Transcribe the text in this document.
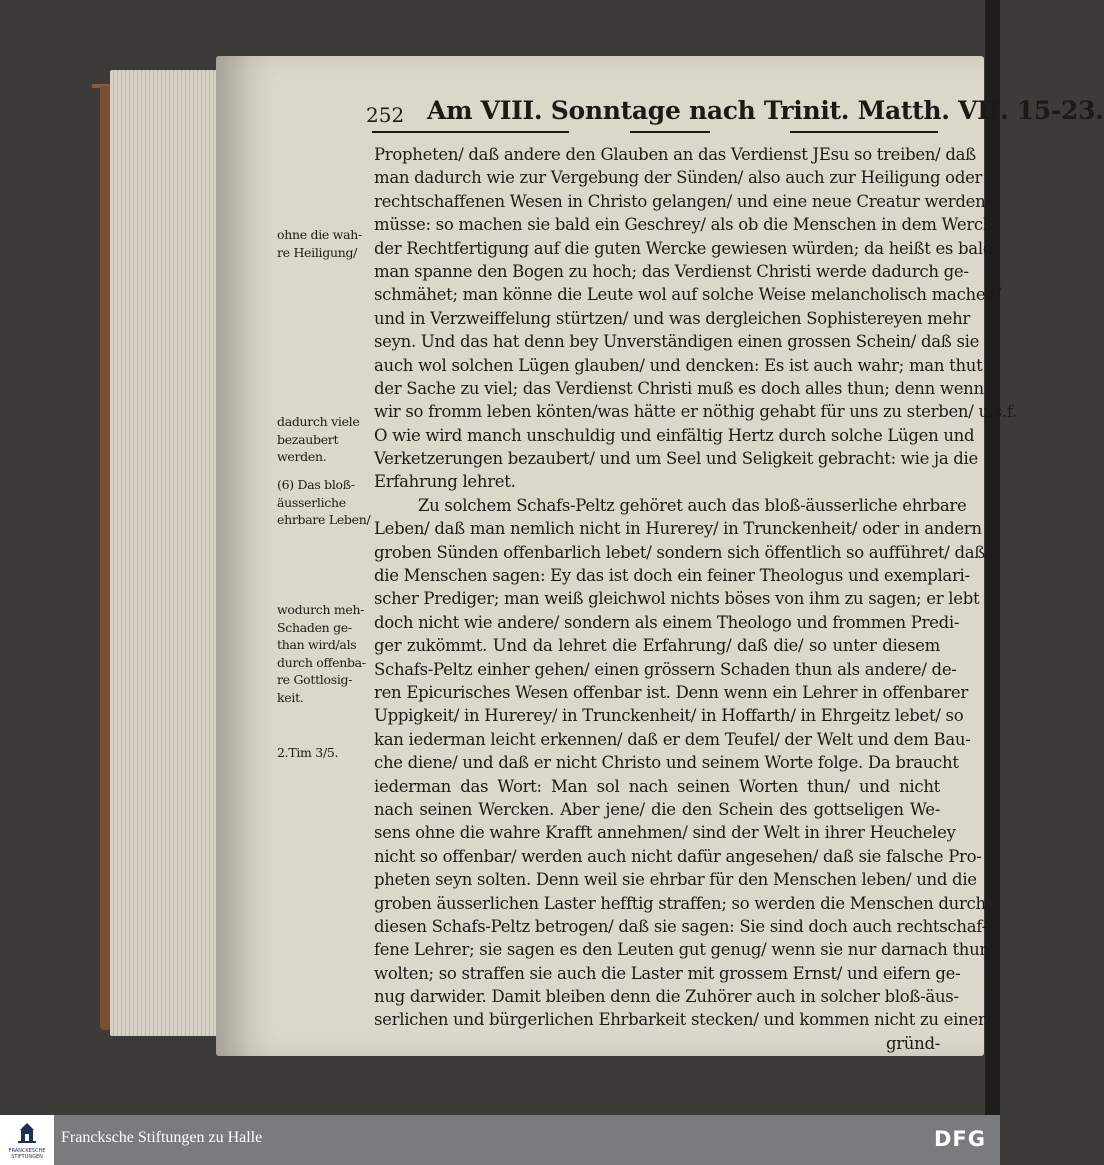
252 Am VIII. Sonntage nach Trinit. Matth. VII. 15-23.
Propheten/ daß andere den Glauben an das Verdienst JEsu so treiben/ daß
man dadurch wie zur Vergebung der Sünden/ also auch zur Heiligung oder
rechtschaffenen Wesen in Christo gelangen/ und eine neue Creatur werden
müsse: so machen sie bald ein Geschrey/ als ob die Menschen in dem Werck
der Rechtfertigung auf die guten Wercke gewiesen würden; da heißt es bald:
man spanne den Bogen zu hoch; das Verdienst Christi werde dadurch ge-
schmähet; man könne die Leute wol auf solche Weise melancholisch machen/
und in Verzweiffelung stürtzen/ und was dergleichen Sophistereyen mehr
seyn. Und das hat denn bey Unverständigen einen grossen Schein/ daß sie
auch wol solchen Lügen glauben/ und dencken: Es ist auch wahr; man thut
der Sache zu viel; das Verdienst Christi muß es doch alles thun; denn wenn
wir so fromm leben könten/was hätte er nöthig gehabt für uns zu sterben/ u.s.f.
O wie wird manch unschuldig und einfältig Hertz durch solche Lügen und
Verketzerungen bezaubert/ und um Seel und Seligkeit gebracht: wie ja die
Erfahrung lehret.
Zu solchem Schafs-Peltz gehöret auch das bloß-äusserliche ehrbare
Leben/ daß man nemlich nicht in Hurerey/ in Trunckenheit/ oder in andern
groben Sünden offenbarlich lebet/ sondern sich öffentlich so aufführet/ daß
die Menschen sagen: Ey das ist doch ein feiner Theologus und exemplari-
scher Prediger; man weiß gleichwol nichts böses von ihm zu sagen; er lebt
doch nicht wie andere/ sondern als einem Theologo und frommen Predi-
ger zukömmt. Und da lehret die Erfahrung/ daß die/ so unter diesem
Schafs-Peltz einher gehen/ einen grössern Schaden thun als andere/ de-
ren Epicurisches Wesen offenbar ist. Denn wenn ein Lehrer in offenbarer
Uppigkeit/ in Hurerey/ in Trunckenheit/ in Hoffarth/ in Ehrgeitz lebet/ so
kan iederman leicht erkennen/ daß er dem Teufel/ der Welt und dem Bau-
che diene/ und daß er nicht Christo und seinem Worte folge. Da braucht
iederman das Wort: Man sol nach seinen Worten thun/ und nicht
nach seinen Wercken. Aber jene/ die den Schein des gottseligen We-
sens ohne die wahre Krafft annehmen/ sind der Welt in ihrer Heucheley
nicht so offenbar/ werden auch nicht dafür angesehen/ daß sie falsche Pro-
pheten seyn solten. Denn weil sie ehrbar für den Menschen leben/ und die
groben äusserlichen Laster hefftig straffen; so werden die Menschen durch
diesen Schafs-Peltz betrogen/ daß sie sagen: Sie sind doch auch rechtschaf-
fene Lehrer; sie sagen es den Leuten gut genug/ wenn sie nur darnach thun
wolten; so straffen sie auch die Laster mit grossem Ernst/ und eifern ge-
nug darwider. Damit bleiben denn die Zuhörer auch in solcher bloß-äus-
serlichen und bürgerlichen Ehrbarkeit stecken/ und kommen nicht zu einer
gründ-
ohne die wah-
re Heiligung/
dadurch viele
bezaubert
werden.
(6) Das bloß-
äusserliche
ehrbare Leben/
wodurch meh-
Schaden ge-
than wird/als
durch offenba-
re Gottlosig-
keit.
2.Tim 3/5.
FRANCKESCHE
STIFTUNGEN
Francksche Stiftungen zu Halle	DFG
